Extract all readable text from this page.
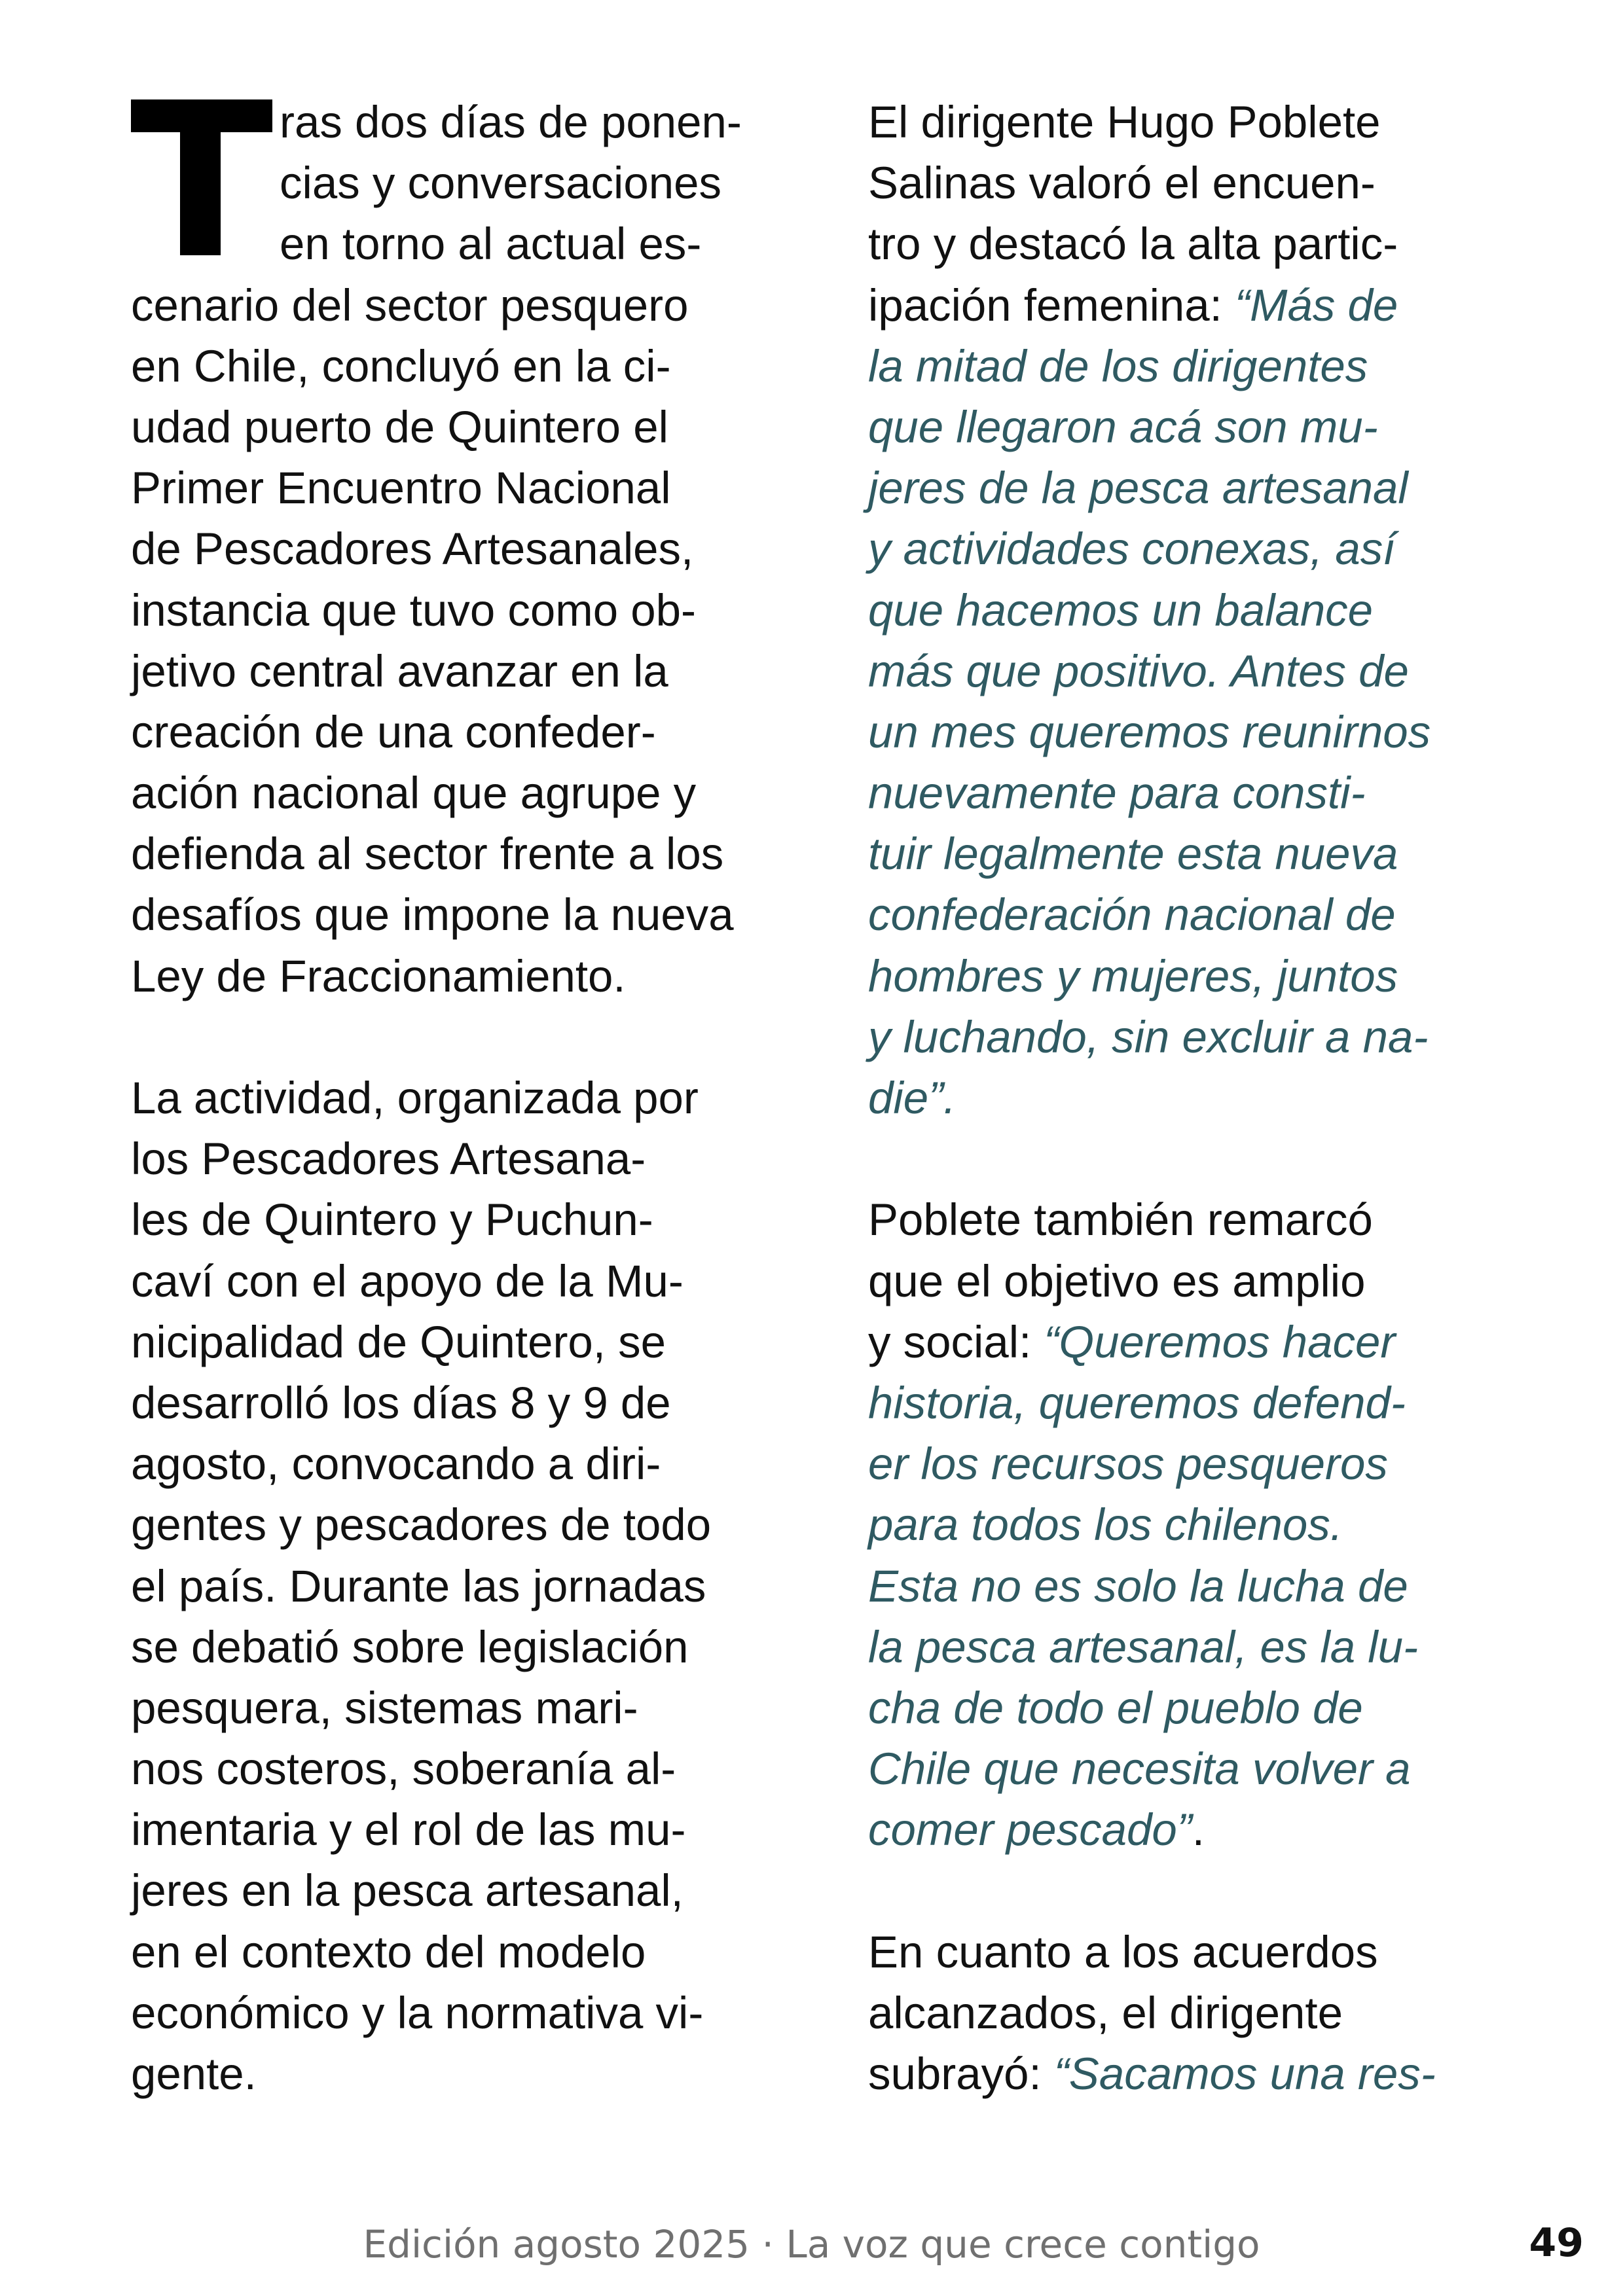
ras dos días de ponen-
cias y conversaciones
en torno al actual es-
cenario del sector pesquero
en Chile, concluyó en la ci-
udad puerto de Quintero el
Primer Encuentro Nacional
de Pescadores Artesanales,
instancia que tuvo como ob-
jetivo central avanzar en la
creación de una confeder-
ación nacional que agrupe y
defienda al sector frente a los
desafíos que impone la nueva
Ley de Fraccionamiento.
La actividad, organizada por
los Pescadores Artesana-
les de Quintero y Puchun-
caví con el apoyo de la Mu-
nicipalidad de Quintero, se
desarrolló los días 8 y 9 de
agosto, convocando a diri-
gentes y pescadores de todo
el país. Durante las jornadas
se debatió sobre legislación
pesquera, sistemas mari-
nos costeros, soberanía al-
imentaria y el rol de las mu-
jeres en la pesca artesanal,
en el contexto del modelo
económico y la normativa vi-
gente.
El dirigente Hugo Poblete
Salinas valoró el encuen-
tro y destacó la alta partic-
ipación femenina: “Más de
la mitad de los dirigentes
que llegaron acá son mu-
jeres de la pesca artesanal
y actividades conexas, así
que hacemos un balance
más que positivo. Antes de
un mes queremos reunirnos
nuevamente para consti-
tuir legalmente esta nueva
confederación nacional de
hombres y mujeres, juntos
y luchando, sin excluir a na-
die”.
Poblete también remarcó
que el objetivo es amplio
y social: “Queremos hacer
historia, queremos defend-
er los recursos pesqueros
para todos los chilenos.
Esta no es solo la lucha de
la pesca artesanal, es la lu-
cha de todo el pueblo de
Chile que necesita volver a
comer pescado”.
En cuanto a los acuerdos
alcanzados, el dirigente
subrayó: “Sacamos una res-
Edición agosto 2025 · La voz que crece contigo	49
